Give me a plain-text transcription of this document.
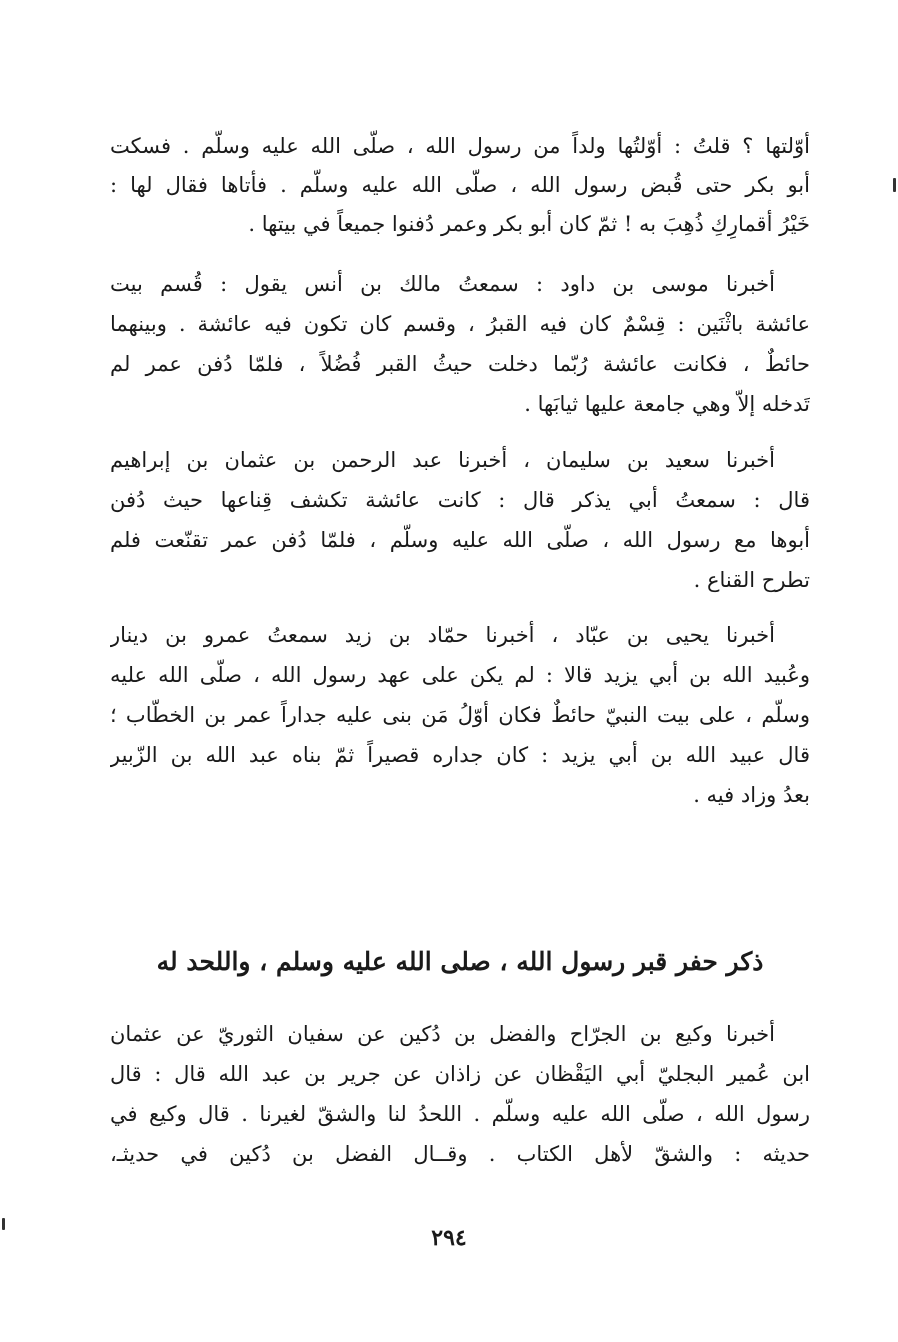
أوّلتها ؟ قلتُ : أوّلتُها ولداً من رسول الله ، صلّى الله عليه وسلّم . فسكت
أبو بكر حتى قُبض رسول الله ، صلّى الله عليه وسلّم . فأتاها فقال لها :
خَيْرُ أقمارِكِ ذُهِبَ به ! ثمّ كان أبو بكر وعمر دُفنوا جميعاً في بيتها .
أخبرنا موسى بن داود : سمعتُ مالك بن أنس يقول : قُسم بيت
عائشة باثْنَين : قِسْمٌ كان فيه القبرُ ، وقسم كان تكون فيه عائشة . وبينهما
حائطٌ ، فكانت عائشة رُبّما دخلت حيثُ القبر فُضُلاً ، فلمّا دُفن عمر لم
تَدخله إلاّ وهي جامعة عليها ثيابَها .
أخبرنا سعيد بن سليمان ، أخبرنا عبد الرحمن بن عثمان بن إبراهيم
قال : سمعتُ أبي يذكر قال : كانت عائشة تكشف قِناعها حيث دُفن
أبوها مع رسول الله ، صلّى الله عليه وسلّم ، فلمّا دُفن عمر تقنّعت فلم
تطرح القناع .
أخبرنا يحيى بن عبّاد ، أخبرنا حمّاد بن زيد سمعتُ عمرو بن دينار
وعُبيد الله بن أبي يزيد قالا : لم يكن على عهد رسول الله ، صلّى الله عليه
وسلّم ، على بيت النبيّ حائطٌ فكان أوّلُ مَن بنى عليه جداراً عمر بن الخطّاب ؛
قال عبيد الله بن أبي يزيد : كان جداره قصيراً ثمّ بناه عبد الله بن الزّبير
بعدُ وزاد فيه .
ذكر حفر قبر رسول الله ، صلى الله عليه وسلم ، واللحد له
أخبرنا وكيع بن الجرّاح والفضل بن دُكين عن سفيان الثوريّ عن عثمان
ابن عُمير البجليّ أبي اليَقْظان عن زاذان عن جرير بن عبد الله قال : قال
رسول الله ، صلّى الله عليه وسلّم . اللحدُ لنا والشقّ لغيرنا . قال وكيع في
حديثه : والشقّ لأهل الكتاب . وقــال الفضل بن دُكين في حديثـ،
٢٩٤
